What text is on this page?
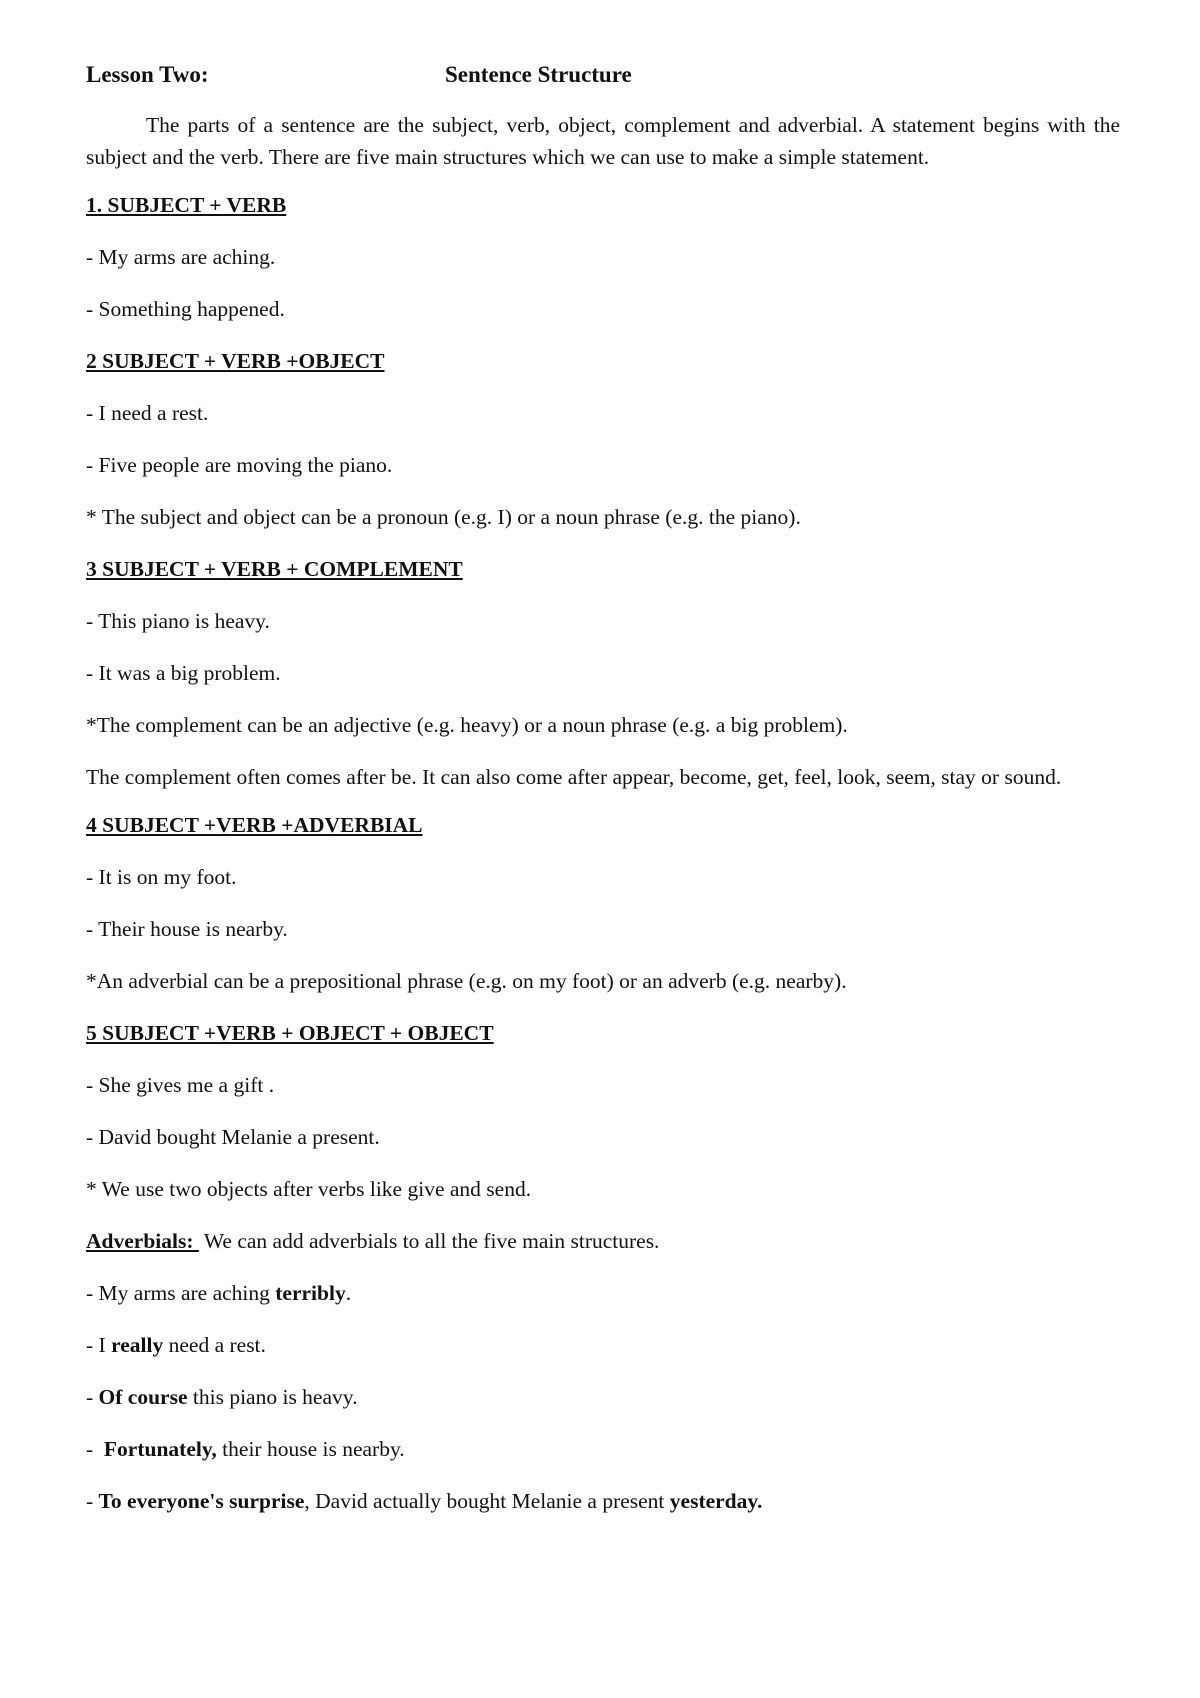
Lesson Two:	Sentence Structure

The parts of a sentence are the subject, verb, object, complement and adverbial. A statement begins with the subject and the verb. There are five main structures which we can use to make a simple statement.

1. SUBJECT + VERB
- My arms are aching.
- Something happened.
2 SUBJECT + VERB +OBJECT
- I need a rest.
- Five people are moving the piano.
* The subject and object can be a pronoun (e.g. I) or a noun phrase (e.g. the piano).
3 SUBJECT + VERB + COMPLEMENT
- This piano is heavy.
- It was a big problem.
*The complement can be an adjective (e.g. heavy) or a noun phrase (e.g. a big problem).
The complement often comes after be. It can also come after appear, become, get, feel, look, seem, stay or sound.
4 SUBJECT +VERB +ADVERBIAL
- It is on my foot.
- Their house is nearby.
*An adverbial can be a prepositional phrase (e.g. on my foot) or an adverb (e.g. nearby).
5 SUBJECT +VERB + OBJECT + OBJECT
- She gives me a gift .
- David bought Melanie a present.
* We use two objects after verbs like give and send.
Adverbials:  We can add adverbials to all the five main structures.
- My arms are aching terribly.
- I really need a rest.
- Of course this piano is heavy.
-  Fortunately, their house is nearby.
- To everyone's surprise, David actually bought Melanie a present yesterday.
